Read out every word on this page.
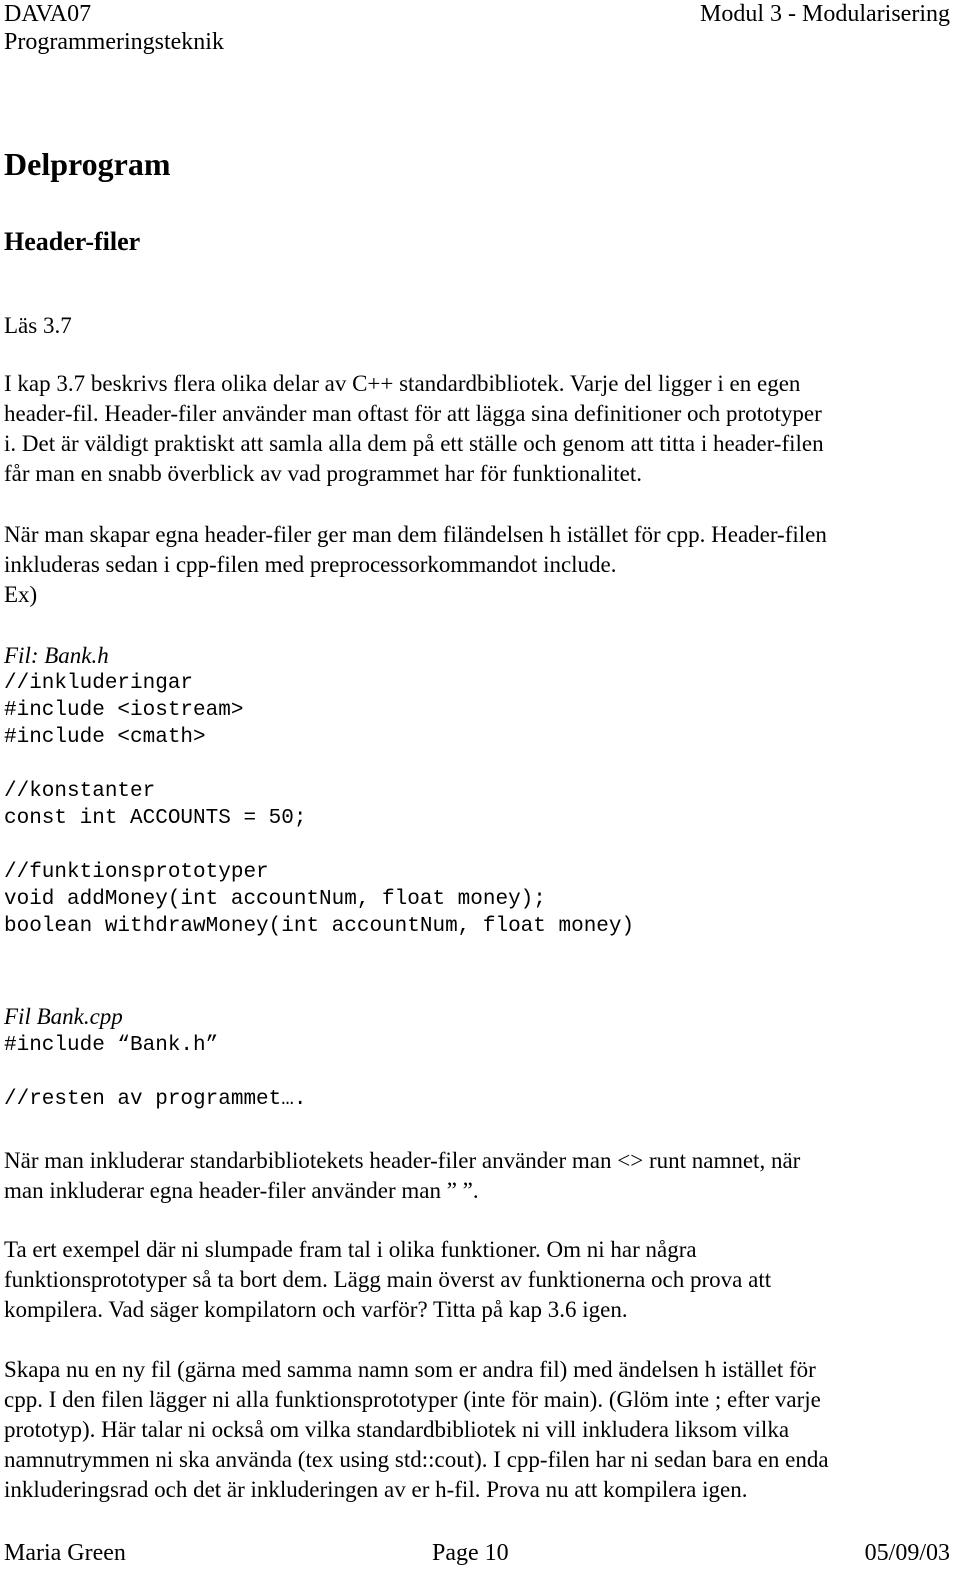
DAVA07
Programmeringsteknik
Modul 3 - Modularisering
Delprogram
Header-filer
Läs 3.7
I kap 3.7 beskrivs flera olika delar av C++ standardbibliotek. Varje del ligger i en egen
header-fil. Header-filer använder man oftast för att lägga sina definitioner och prototyper
i. Det är väldigt praktiskt att samla alla dem på ett ställe och genom att titta i header-filen
får man en snabb överblick av vad programmet har för funktionalitet.
När man skapar egna header-filer ger man dem filändelsen h istället för cpp. Header-filen
inkluderas sedan i cpp-filen med preprocessorkommandot include.
Ex)
Fil: Bank.h
//inkluderingar
#include <iostream>
#include <cmath>

//konstanter
const int ACCOUNTS = 50;

//funktionsprototyper
void addMoney(int accountNum, float money);
boolean withdrawMoney(int accountNum, float money)
Fil Bank.cpp
#include “Bank.h”

//resten av programmet….
När man inkluderar standarbibliotekets header-filer använder man <> runt namnet, när
man inkluderar egna header-filer använder man ” ”.
Ta ert exempel där ni slumpade fram tal i olika funktioner. Om ni har några
funktionsprototyper så ta bort dem. Lägg main överst av funktionerna och prova att
kompilera. Vad säger kompilatorn och varför? Titta på kap 3.6 igen.
Skapa nu en ny fil (gärna med samma namn som er andra fil) med ändelsen h istället för
cpp. I den filen lägger ni alla funktionsprototyper (inte för main). (Glöm inte ; efter varje
prototyp). Här talar ni också om vilka standardbibliotek ni vill inkludera liksom vilka
namnutrymmen ni ska använda (tex using std::cout). I cpp-filen har ni sedan bara en enda
inkluderingsrad och det är inkluderingen av er h-fil. Prova nu att kompilera igen.
Maria Green	Page 10	05/09/03
